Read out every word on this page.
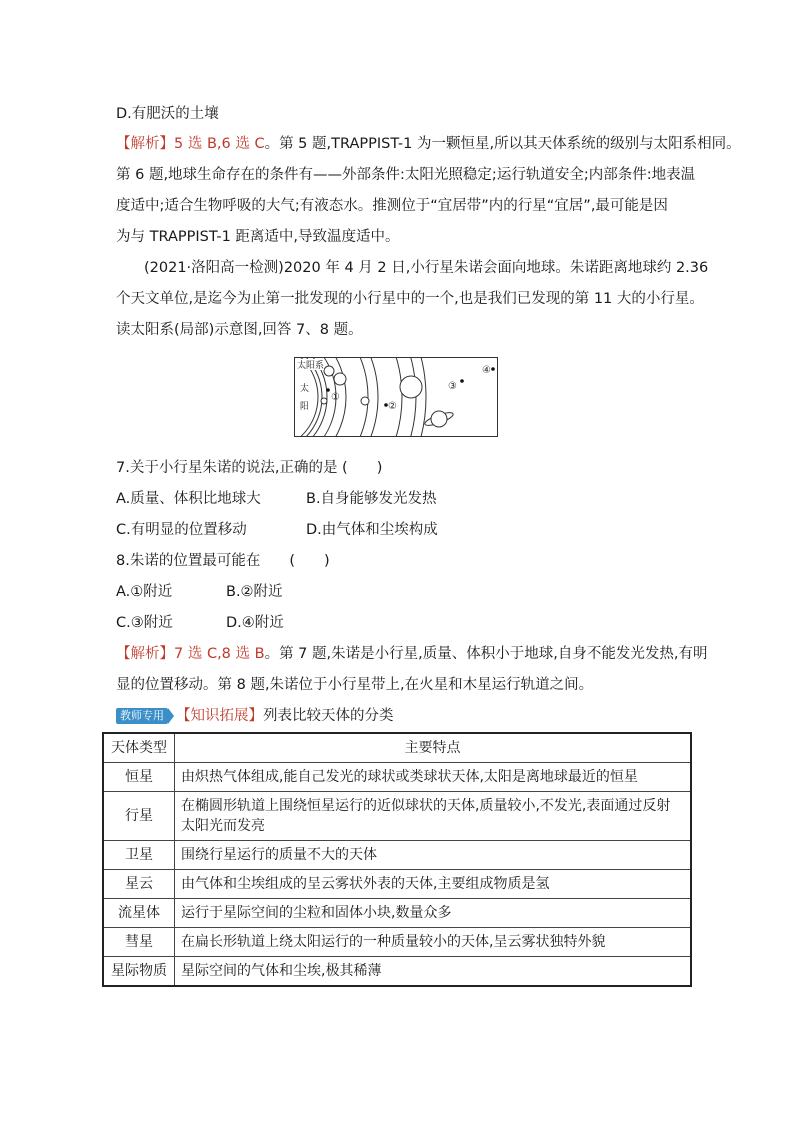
D.有肥沃的土壤
【解析】5 选 B,6 选 C。第 5 题,TRAPPIST-1 为一颗恒星,所以其天体系统的级别与太阳系相同。
第 6 题,地球生命存在的条件有——外部条件:太阳光照稳定;运行轨道安全;内部条件:地表温
度适中;适合生物呼吸的大气;有液态水。推测位于“宜居带”内的行星“宜居”,最可能是因
为与 TRAPPIST-1 距离适中,导致温度适中。
(2021·洛阳高一检测)2020 年 4 月 2 日,小行星朱诺会面向地球。朱诺距离地球约 2.36
个天文单位,是迄今为止第一批发现的小行星中的一个,也是我们已发现的第 11 大的小行星。
读太阳系(局部)示意图,回答 7、8 题。
太阳系
太
阳
①
②
③
④
7.关于小行星朱诺的说法,正确的是 (　　)
A.质量、体积比地球大	B.自身能够发光发热
C.有明显的位置移动	D.由气体和尘埃构成
8.朱诺的位置最可能在　　(　　)
A.①附近	B.②附近
C.③附近	D.④附近
【解析】7 选 C,8 选 B。第 7 题,朱诺是小行星,质量、体积小于地球,自身不能发光发热,有明
显的位置移动。第 8 题,朱诺位于小行星带上,在火星和木星运行轨道之间。
教师专用 【知识拓展】列表比较天体的分类
天体类型	主要特点
恒星	由炽热气体组成,能自己发光的球状或类球状天体,太阳是离地球最近的恒星
行星	在椭圆形轨道上围绕恒星运行的近似球状的天体,质量较小,不发光,表面通过反射太阳光而发亮
卫星	围绕行星运行的质量不大的天体
星云	由气体和尘埃组成的呈云雾状外表的天体,主要组成物质是氢
流星体	运行于星际空间的尘粒和固体小块,数量众多
彗星	在扁长形轨道上绕太阳运行的一种质量较小的天体,呈云雾状独特外貌
星际物质	星际空间的气体和尘埃,极其稀薄
